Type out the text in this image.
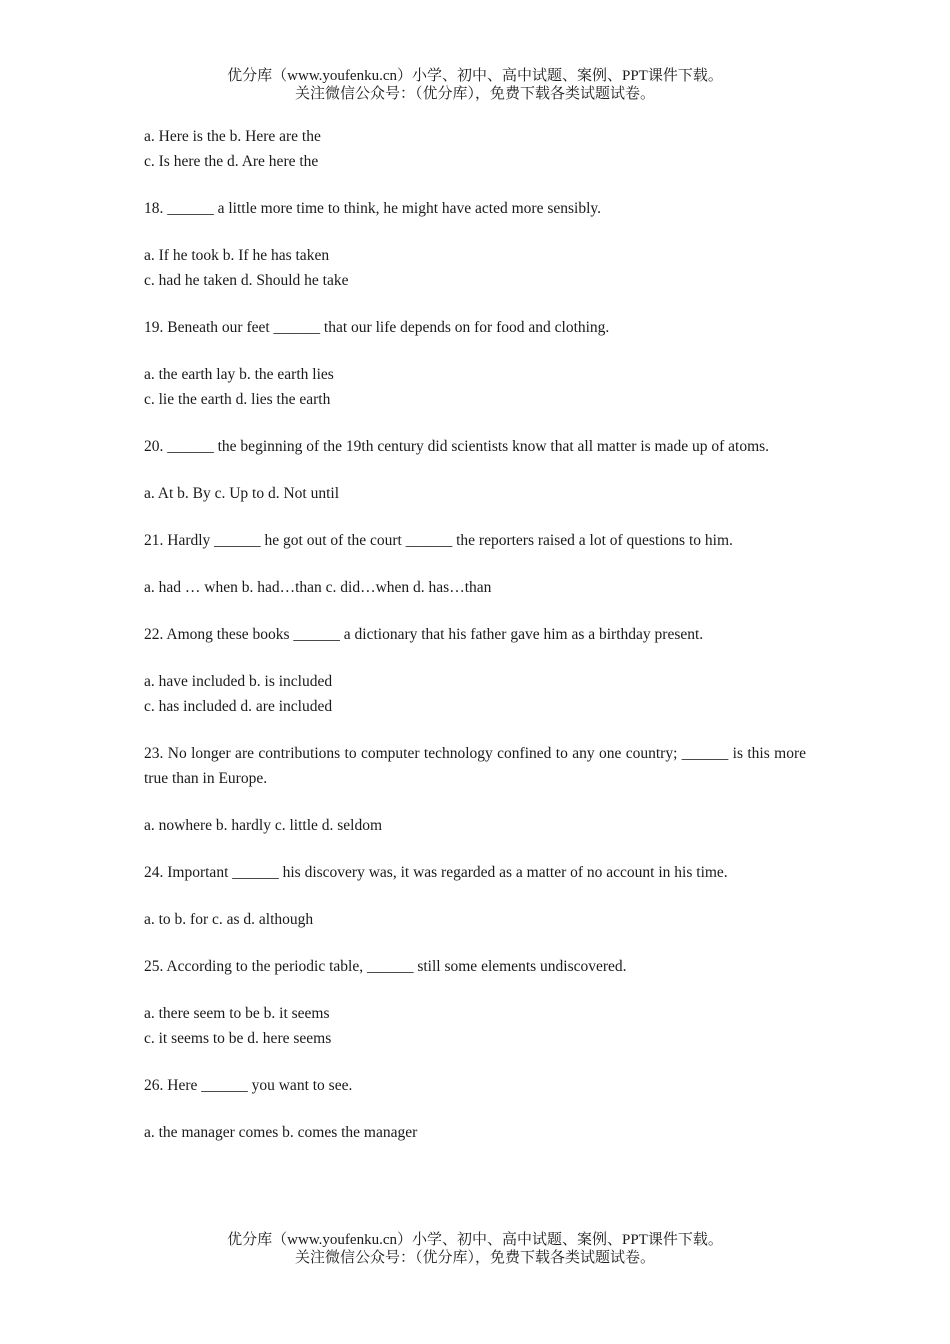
优分库（www.youfenku.cn）小学、初中、高中试题、案例、PPT课件下载。
关注微信公众号：（优分库），免费下载各类试题试卷。
a. Here is the b. Here are the
c. Is here the d. Are here the
18. ______ a little more time to think, he might have acted more sensibly.
a. If he took b. If he has taken
c. had he taken d. Should he take
19. Beneath our feet ______ that our life depends on for food and clothing.
a. the earth lay b. the earth lies
c. lie the earth d. lies the earth
20. ______ the beginning of the 19th century did scientists know that all matter is made up of atoms.
a. At b. By c. Up to d. Not until
21. Hardly ______ he got out of the court ______ the reporters raised a lot of questions to him.
a. had … when b. had…than c. did…when d. has…than
22. Among these books ______ a dictionary that his father gave him as a birthday present.
a. have included b. is included
c. has included d. are included
23. No longer are contributions to computer technology confined to any one country; ______ is this more true than in Europe.
a. nowhere b. hardly c. little d. seldom
24. Important ______ his discovery was, it was regarded as a matter of no account in his time.
a. to b. for c. as d. although
25. According to the periodic table, ______ still some elements undiscovered.
a. there seem to be b. it seems
c. it seems to be d. here seems
26. Here ______ you want to see.
a. the manager comes b. comes the manager
优分库（www.youfenku.cn）小学、初中、高中试题、案例、PPT课件下载。
关注微信公众号：（优分库），免费下载各类试题试卷。
